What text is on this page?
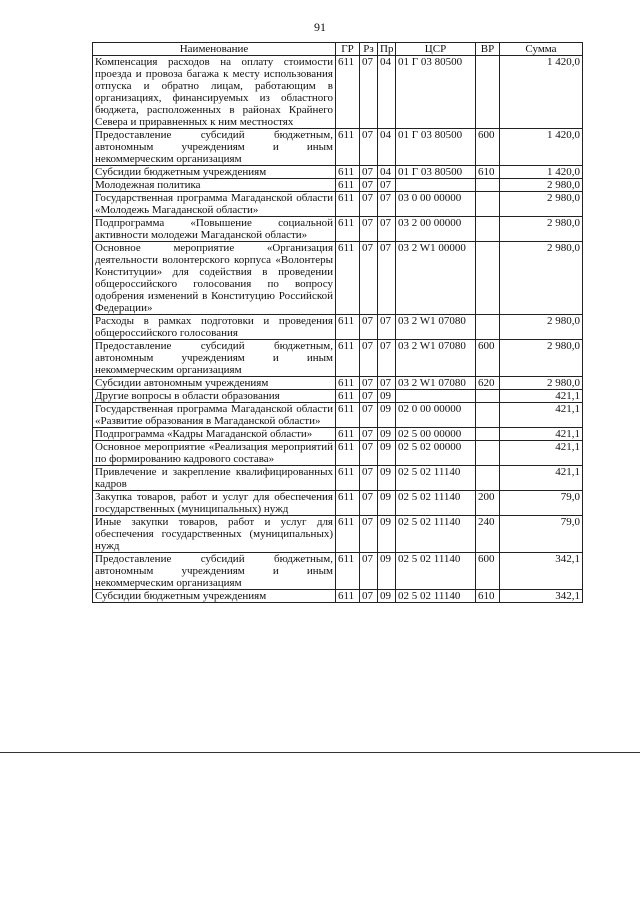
91
Наименование	ГР	Рз	Пр	ЦСР	ВР	Сумма
Компенсация расходов на оплату стоимости проезда и провоза багажа к месту использования отпуска и обратно лицам, работающим в организациях, финансируемых из областного бюджета, расположенных в районах Крайнего Севера и приравненных к ним местностях	611	07	04	01 Г 03 80500		1 420,0
Предоставление субсидий бюджетным, автономным учреждениям и иным некоммерческим организациям	611	07	04	01 Г 03 80500	600	1 420,0
Субсидии бюджетным учреждениям	611	07	04	01 Г 03 80500	610	1 420,0
Молодежная политика	611	07	07			2 980,0
Государственная программа Магаданской области «Молодежь Магаданской области»	611	07	07	03 0 00 00000		2 980,0
Подпрограмма «Повышение социальной активности молодежи Магаданской области»	611	07	07	03 2 00 00000		2 980,0
Основное мероприятие «Организация деятельности волонтерского корпуса «Волонтеры Конституции» для содействия в проведении общероссийского голосования по вопросу одобрения изменений в Конституцию Российской Федерации»	611	07	07	03 2 W1 00000		2 980,0
Расходы в рамках подготовки и проведения общероссийского голосования	611	07	07	03 2 W1 07080		2 980,0
Предоставление субсидий бюджетным, автономным учреждениям и иным некоммерческим организациям	611	07	07	03 2 W1 07080	600	2 980,0
Субсидии автономным учреждениям	611	07	07	03 2 W1 07080	620	2 980,0
Другие вопросы в области образования	611	07	09			421,1
Государственная программа Магаданской области «Развитие образования в Магаданской области»	611	07	09	02 0 00 00000		421,1
Подпрограмма «Кадры Магаданской области»	611	07	09	02 5 00 00000		421,1
Основное мероприятие «Реализация мероприятий по формированию кадрового состава»	611	07	09	02 5 02 00000		421,1
Привлечение и закрепление квалифицированных кадров	611	07	09	02 5 02 11140		421,1
Закупка товаров, работ и услуг для обеспечения государственных (муниципальных) нужд	611	07	09	02 5 02 11140	200	79,0
Иные закупки товаров, работ и услуг для обеспечения государственных (муниципальных) нужд	611	07	09	02 5 02 11140	240	79,0
Предоставление субсидий бюджетным, автономным учреждениям и иным некоммерческим организациям	611	07	09	02 5 02 11140	600	342,1
Субсидии бюджетным учреждениям	611	07	09	02 5 02 11140	610	342,1
